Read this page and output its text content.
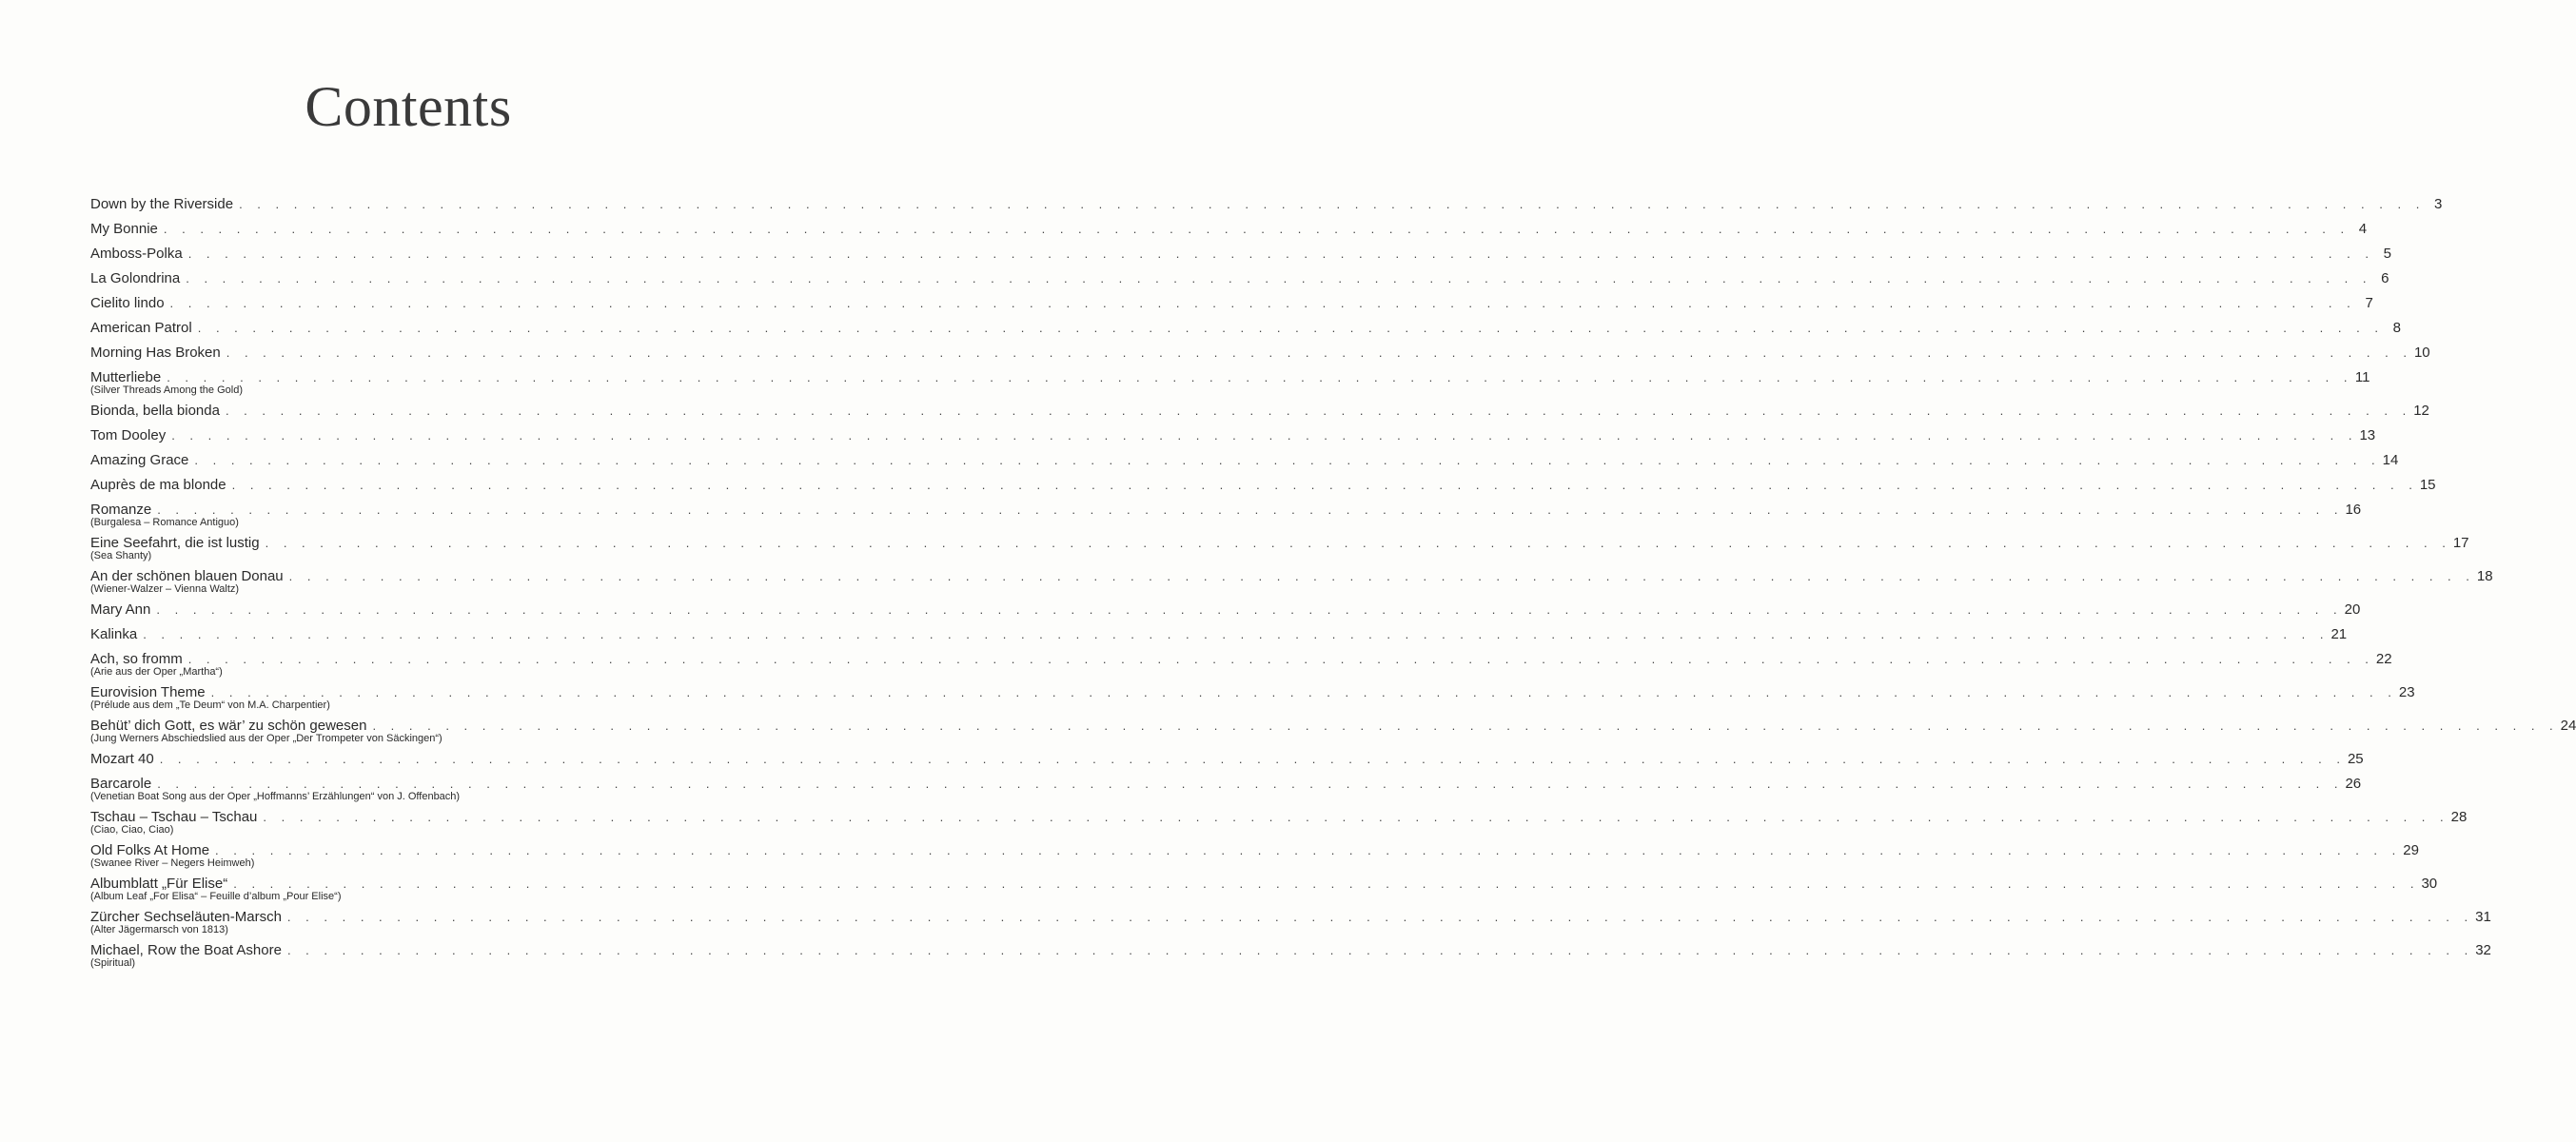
Contents
Down by the Riverside . . . . . . . . . . . . . . . . . . . . . . . . . . . . . . . . . . . . . . . . . . . . . . . . . . . . . . . . . . . . . . . . . . . . . . . . . . . . . . . . . . . . . . . . . . . . . . . . . . . . . . . . . . . . . . . . . . . . . . . . 3
My Bonnie . . . . . . . . . . . . . . . . . . . . . . . . . . . . . . . . . . . . . . . . . . . . . . . . . . . . . . . . . . . . . . . . . . . . . . . . . . . . . . . . . . . . . . . . . . . . . . . . . . . . . . . . . . . . . . . . . . . . . . . . 4
Amboss-Polka . . . . . . . . . . . . . . . . . . . . . . . . . . . . . . . . . . . . . . . . . . . . . . . . . . . . . . . . . . . . . . . . . . . . . . . . . . . . . . . . . . . . . . . . . . . . . . . . . . . . . . . . . . . . . . . . . . . . . . . . 5
La Golondrina . . . . . . . . . . . . . . . . . . . . . . . . . . . . . . . . . . . . . . . . . . . . . . . . . . . . . . . . . . . . . . . . . . . . . . . . . . . . . . . . . . . . . . . . . . . . . . . . . . . . . . . . . . . . . . . . . . . . . . . . 6
Cielito lindo . . . . . . . . . . . . . . . . . . . . . . . . . . . . . . . . . . . . . . . . . . . . . . . . . . . . . . . . . . . . . . . . . . . . . . . . . . . . . . . . . . . . . . . . . . . . . . . . . . . . . . . . . . . . . . . . . . . . . . . . 7
American Patrol . . . . . . . . . . . . . . . . . . . . . . . . . . . . . . . . . . . . . . . . . . . . . . . . . . . . . . . . . . . . . . . . . . . . . . . . . . . . . . . . . . . . . . . . . . . . . . . . . . . . . . . . . . . . . . . . . . . . . . . . 8
Morning Has Broken . . . . . . . . . . . . . . . . . . . . . . . . . . . . . . . . . . . . . . . . . . . . . . . . . . . . . . . . . . . . . . . . . . . . . . . . . . . . . . . . . . . . . . . . . . . . . . . . . . . . . . . . . . . . . . . . . . . . . . . . 10
Mutterliebe . . . . . . . . . . . . . . . . . . . . . . . . . . . . . . . . . . . . . . . . . . . . . . . . . . . . . . . . . . . . . . . . . . . . . . . . . . . . . . . . . . . . . . . . . . . . . . . . . . . . . . . . . . . . . . . . . . . . . . . . 11
(Silver Threads Among the Gold)
Bionda, bella bionda . . . . . . . . . . . . . . . . . . . . . . . . . . . . . . . . . . . . . . . . . . . . . . . . . . . . . . . . . . . . . . . . . . . . . . . . . . . . . . . . . . . . . . . . . . . . . . . . . . . . . . . . . . . . . . . . . . . . . . . . 12
Tom Dooley . . . . . . . . . . . . . . . . . . . . . . . . . . . . . . . . . . . . . . . . . . . . . . . . . . . . . . . . . . . . . . . . . . . . . . . . . . . . . . . . . . . . . . . . . . . . . . . . . . . . . . . . . . . . . . . . . . . . . . . . 13
Amazing Grace . . . . . . . . . . . . . . . . . . . . . . . . . . . . . . . . . . . . . . . . . . . . . . . . . . . . . . . . . . . . . . . . . . . . . . . . . . . . . . . . . . . . . . . . . . . . . . . . . . . . . . . . . . . . . . . . . . . . . . . . 14
Auprès de ma blonde . . . . . . . . . . . . . . . . . . . . . . . . . . . . . . . . . . . . . . . . . . . . . . . . . . . . . . . . . . . . . . . . . . . . . . . . . . . . . . . . . . . . . . . . . . . . . . . . . . . . . . . . . . . . . . . . . . . . . . . . 15
Romanze . . . . . . . . . . . . . . . . . . . . . . . . . . . . . . . . . . . . . . . . . . . . . . . . . . . . . . . . . . . . . . . . . . . . . . . . . . . . . . . . . . . . . . . . . . . . . . . . . . . . . . . . . . . . . . . . . . . . . . . . 16
(Burgalesa – Romance Antiguo)
Eine Seefahrt, die ist lustig . . . . . . . . . . . . . . . . . . . . . . . . . . . . . . . . . . . . . . . . . . . . . . . . . . . . . . . . . . . . . . . . . . . . . . . . . . . . . . . . . . . . . . . . . . . . . . . . . . . . . . . . . . . . . . . . . . . . . . . . 17
(Sea Shanty)
An der schönen blauen Donau . . . . . . . . . . . . . . . . . . . . . . . . . . . . . . . . . . . . . . . . . . . . . . . . . . . . . . . . . . . . . . . . . . . . . . . . . . . . . . . . . . . . . . . . . . . . . . . . . . . . . . . . . . . . . . . . . . . . . . . . 18
(Wiener-Walzer – Vienna Waltz)
Mary Ann . . . . . . . . . . . . . . . . . . . . . . . . . . . . . . . . . . . . . . . . . . . . . . . . . . . . . . . . . . . . . . . . . . . . . . . . . . . . . . . . . . . . . . . . . . . . . . . . . . . . . . . . . . . . . . . . . . . . . . . . 20
Kalinka . . . . . . . . . . . . . . . . . . . . . . . . . . . . . . . . . . . . . . . . . . . . . . . . . . . . . . . . . . . . . . . . . . . . . . . . . . . . . . . . . . . . . . . . . . . . . . . . . . . . . . . . . . . . . . . . . . . . . . . . 21
Ach, so fromm . . . . . . . . . . . . . . . . . . . . . . . . . . . . . . . . . . . . . . . . . . . . . . . . . . . . . . . . . . . . . . . . . . . . . . . . . . . . . . . . . . . . . . . . . . . . . . . . . . . . . . . . . . . . . . . . . . . . . . . . 22
(Arie aus der Oper „Martha“)
Eurovision Theme . . . . . . . . . . . . . . . . . . . . . . . . . . . . . . . . . . . . . . . . . . . . . . . . . . . . . . . . . . . . . . . . . . . . . . . . . . . . . . . . . . . . . . . . . . . . . . . . . . . . . . . . . . . . . . . . . . . . . . . . 23
(Prélude aus dem „Te Deum“ von M.A. Charpentier)
Behüt’ dich Gott, es wär’ zu schön gewesen . . . . . . . . . . . . . . . . . . . . . . . . . . . . . . . . . . . . . . . . . . . . . . . . . . . . . . . . . . . . . . . . . . . . . . . . . . . . . . . . . . . . . . . . . . . . . . . . . . . . . . . . . . . . . . . . . . . . . . . . 24
(Jung Werners Abschiedslied aus der Oper „Der Trompeter von Säckingen“)
Mozart 40 . . . . . . . . . . . . . . . . . . . . . . . . . . . . . . . . . . . . . . . . . . . . . . . . . . . . . . . . . . . . . . . . . . . . . . . . . . . . . . . . . . . . . . . . . . . . . . . . . . . . . . . . . . . . . . . . . . . . . . . . 25
Barcarole . . . . . . . . . . . . . . . . . . . . . . . . . . . . . . . . . . . . . . . . . . . . . . . . . . . . . . . . . . . . . . . . . . . . . . . . . . . . . . . . . . . . . . . . . . . . . . . . . . . . . . . . . . . . . . . . . . . . . . . . 26
(Venetian Boat Song aus der Oper „Hoffmanns’ Erzählungen“ von J. Offenbach)
Tschau – Tschau – Tschau . . . . . . . . . . . . . . . . . . . . . . . . . . . . . . . . . . . . . . . . . . . . . . . . . . . . . . . . . . . . . . . . . . . . . . . . . . . . . . . . . . . . . . . . . . . . . . . . . . . . . . . . . . . . . . . . . . . . . . . . 28
(Ciao, Ciao, Ciao)
Old Folks At Home . . . . . . . . . . . . . . . . . . . . . . . . . . . . . . . . . . . . . . . . . . . . . . . . . . . . . . . . . . . . . . . . . . . . . . . . . . . . . . . . . . . . . . . . . . . . . . . . . . . . . . . . . . . . . . . . . . . . . . . . 29
(Swanee River – Negers Heimweh)
Albumblatt „Für Elise“ . . . . . . . . . . . . . . . . . . . . . . . . . . . . . . . . . . . . . . . . . . . . . . . . . . . . . . . . . . . . . . . . . . . . . . . . . . . . . . . . . . . . . . . . . . . . . . . . . . . . . . . . . . . . . . . . . . . . . . . . 30
(Album Leaf „For Elisa“ – Feuille d’album „Pour Elise“)
Zürcher Sechseläuten-Marsch . . . . . . . . . . . . . . . . . . . . . . . . . . . . . . . . . . . . . . . . . . . . . . . . . . . . . . . . . . . . . . . . . . . . . . . . . . . . . . . . . . . . . . . . . . . . . . . . . . . . . . . . . . . . . . . . . . . . . . . . 31
(Alter Jägermarsch von 1813)
Michael, Row the Boat Ashore . . . . . . . . . . . . . . . . . . . . . . . . . . . . . . . . . . . . . . . . . . . . . . . . . . . . . . . . . . . . . . . . . . . . . . . . . . . . . . . . . . . . . . . . . . . . . . . . . . . . . . . . . . . . . . . . . . . . . . . . 32
(Spiritual)
